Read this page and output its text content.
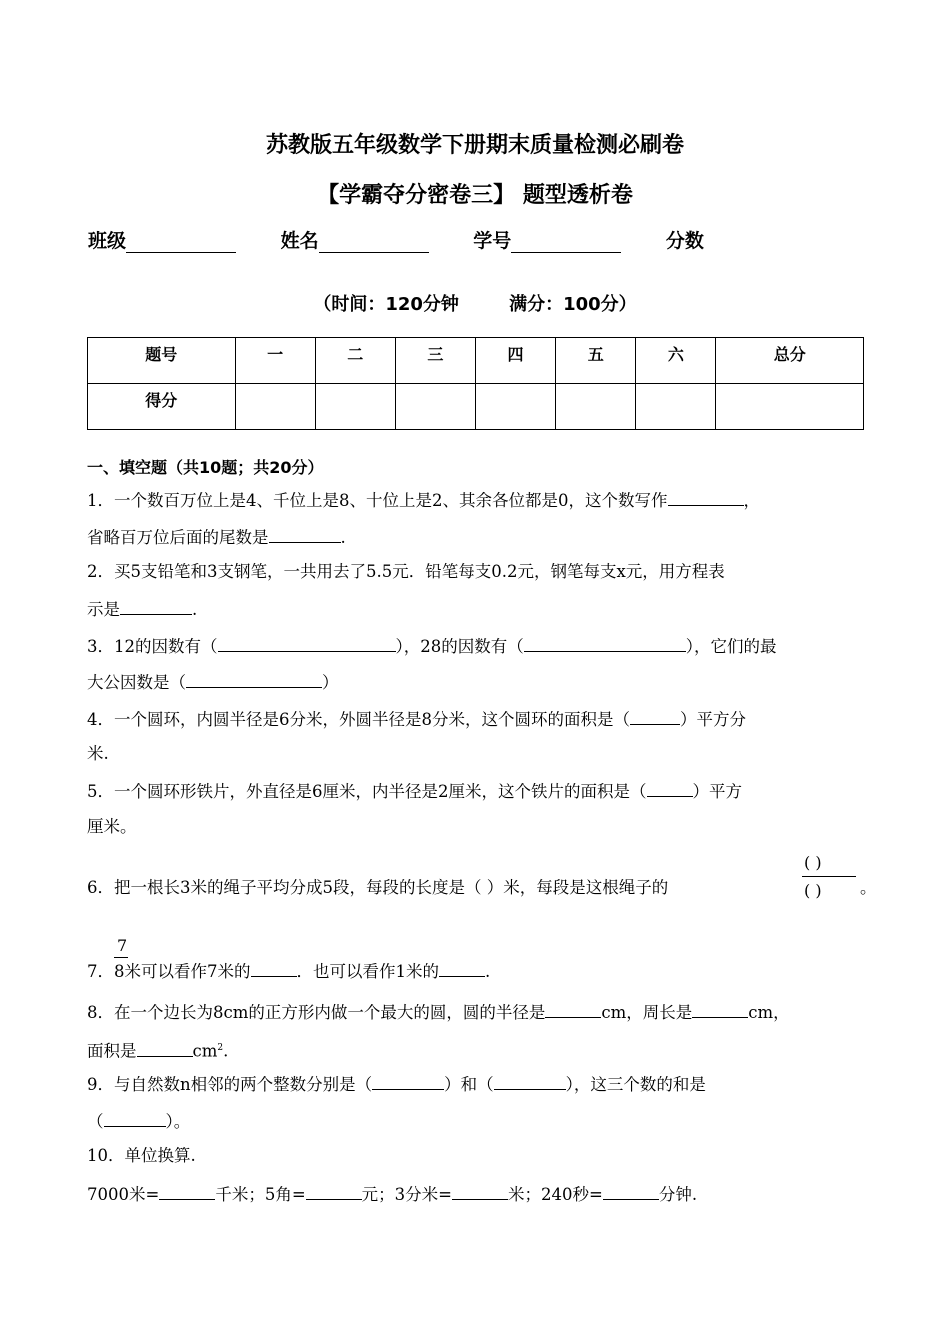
苏教版五年级数学下册期末质量检测必刷卷
【学霸夺分密卷三】 题型透析卷
班级	姓名	学号	分数
（时间：120分钟        满分：100分）
题号	一	二	三	四	五	六	总分
得分							
一、填空题（共10题；共20分）
1．一个数百万位上是4、千位上是8、十位上是2、其余各位都是0，这个数写作	，
省略百万位后面的尾数是	.
2．买5支铅笔和3支钢笔，一共用去了5.5元．铅笔每支0.2元，钢笔每支x元，用方程表
示是	.
3．12的因数有（	），28的因数有（	），它们的最
大公因数是（	）
4．一个圆环，内圆半径是6分米，外圆半径是8分米，这个圆环的面积是（	）平方分
米.
5．一个圆环形铁片，外直径是6厘米，内半径是2厘米，这个铁片的面积是（	）平方
厘米。
6．把一根长3米的绳子平均分成5段，每段的长度是（ ）米，每段是这根绳子的
( )
( ) 。
7
7．8米可以看作7米的	．也可以看作1米的	.
8．在一个边长为8cm的正方形内做一个最大的圆，圆的半径是	cm，周长是	cm，
面积是	$cm^2$.
9．与自然数n相邻的两个整数分别是（	）和（	），这三个数的和是
（	）。
10．单位换算.
7000米=	千米；5角=	元；3分米=	米；240秒=	分钟.
